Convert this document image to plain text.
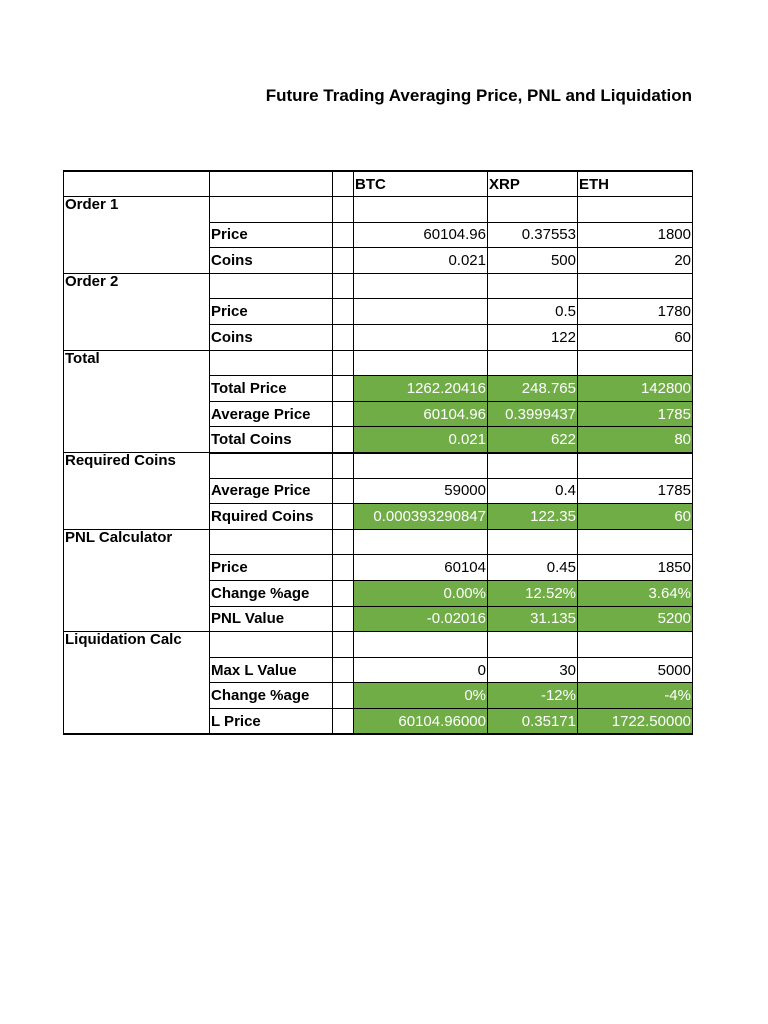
Future Trading Averaging Price, PNL and Liquidation
			BTC	XRP	ETH
Order 1					
	Price		60104.96	0.37553	1800
	Coins		0.021	500	20
Order 2					
	Price			0.5	1780
	Coins			122	60
Total					
	Total Price		1262.20416	248.765	142800
	Average Price		60104.96	0.3999437	1785
	Total Coins		0.021	622	80
Required Coins					
	Average Price		59000	0.4	1785
	Rquired Coins		0.000393290847	122.35	60
PNL Calculator					
	Price		60104	0.45	1850
	Change %age		0.00%	12.52%	3.64%
	PNL Value		-0.02016	31.135	5200
Liquidation Calc					
	Max L Value		0	30	5000
	Change %age		0%	-12%	-4%
	L Price		60104.96000	0.35171	1722.50000
